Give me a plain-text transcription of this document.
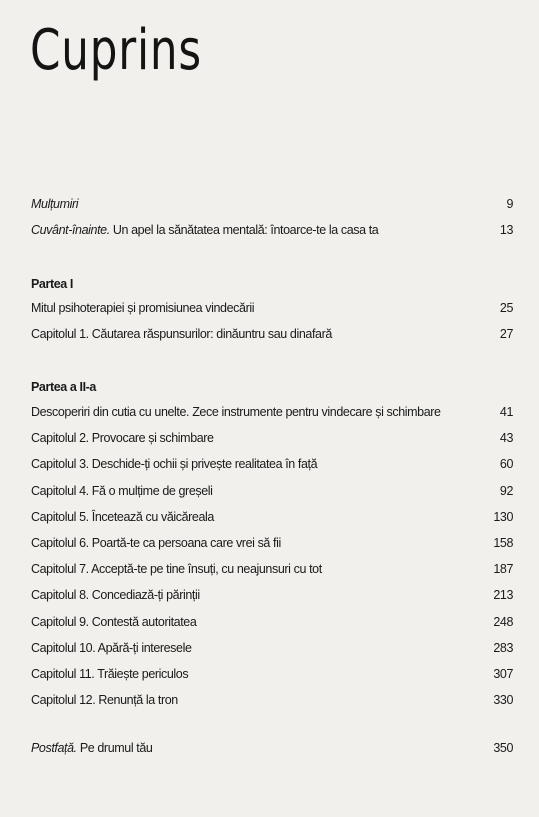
Cuprins
Mulțumiri	9
Cuvânt-înainte. Un apel la sănătatea mentală: întoarce-te la casa ta	13
Partea I
Mitul psihoterapiei și promisiunea vindecării	25
Capitolul 1. Căutarea răspunsurilor: dinăuntru sau dinafară	27
Partea a II-a
Descoperiri din cutia cu unelte. Zece instrumente pentru vindecare și schimbare	41
Capitolul 2. Provocare și schimbare	43
Capitolul 3. Deschide-ți ochii și privește realitatea în față	60
Capitolul 4. Fă o mulțime de greșeli	92
Capitolul 5. Încetează cu văicăreala	130
Capitolul 6. Poartă-te ca persoana care vrei să fii	158
Capitolul 7. Acceptă-te pe tine însuți, cu neajunsuri cu tot	187
Capitolul 8. Concediază-ți părinții	213
Capitolul 9. Contestă autoritatea	248
Capitolul 10. Apără-ți interesele	283
Capitolul 11. Trăiește periculos	307
Capitolul 12. Renunță la tron	330
Postfață. Pe drumul tău	350
